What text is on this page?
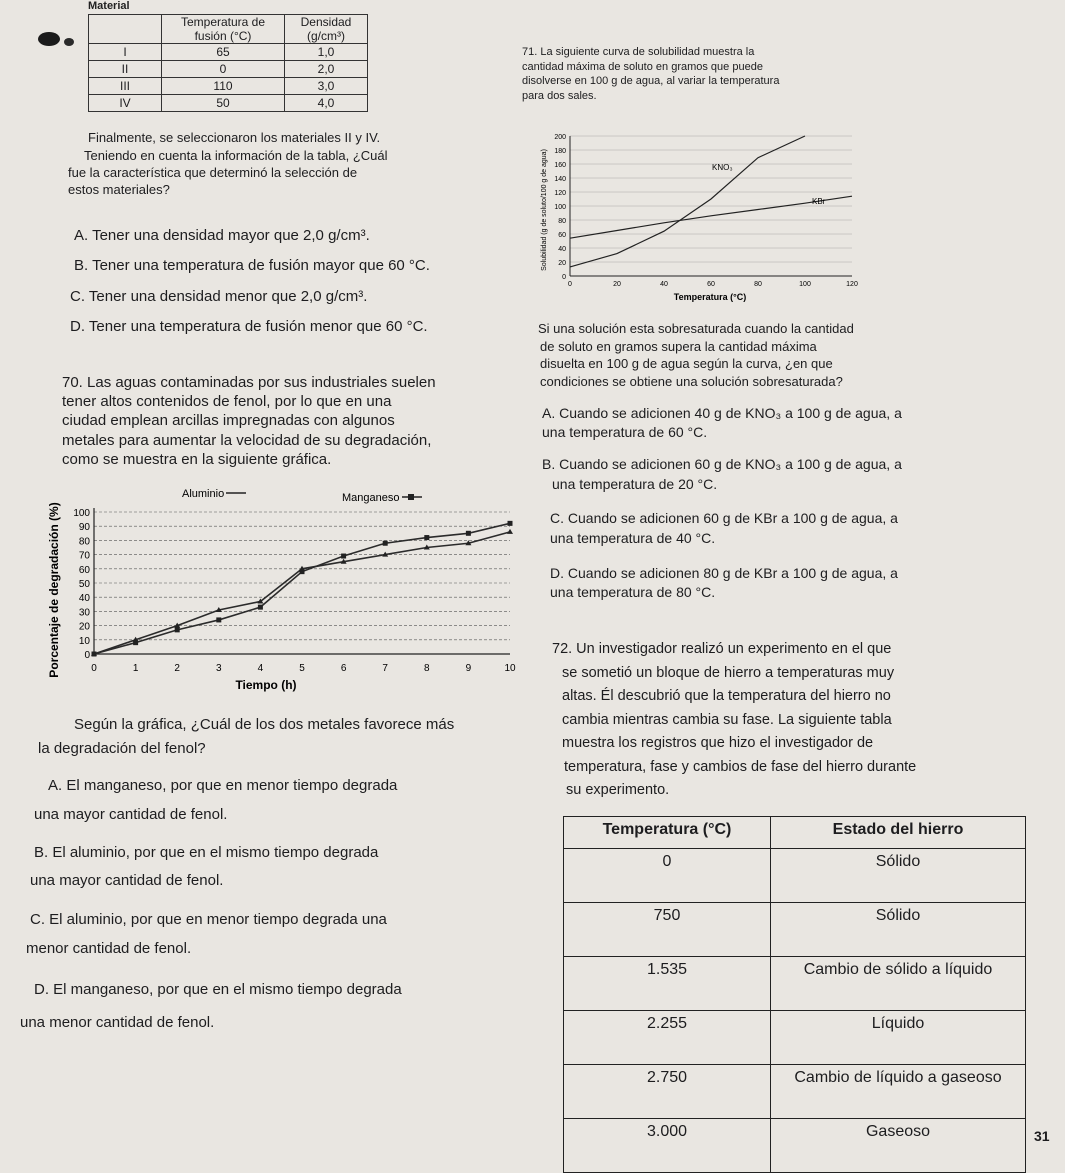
Material
	Temperatura de fusión (°C)	Densidad (g/cm³)
I	65	1,0
II	0	2,0
III	110	3,0
IV	50	4,0
Finalmente, se seleccionaron los materiales II y IV.
Teniendo en cuenta la información de la tabla, ¿Cuál
fue la característica que determinó la selección de
estos materiales?
A. Tener una densidad mayor que 2,0 g/cm³.
B. Tener una temperatura de fusión mayor que 60 °C.
C. Tener una densidad menor que 2,0 g/cm³.
D. Tener una temperatura de fusión menor que 60 °C.
70. Las aguas contaminadas por sus industriales suelen
tener altos contenidos de fenol, por lo que en una
ciudad emplean arcillas impregnadas con algunos
metales para aumentar la velocidad de su degradación,
como se muestra en la siguiente gráfica.
0
10
20
30
40
50
60
70
80
90
100
0	1	2	3	4	5	6	7	8	9	10
Aluminio	Manganeso
Tiempo (h)
Porcentaje de degradación (%)
Según la gráfica, ¿Cuál de los dos metales favorece más
la degradación del fenol?
A. El manganeso, por que en menor tiempo degrada
una mayor cantidad de fenol.
B. El aluminio, por que en el mismo tiempo degrada
una mayor cantidad de fenol.
C. El aluminio, por que en menor tiempo degrada una
menor cantidad de fenol.
D. El manganeso, por que en el mismo tiempo degrada
una menor cantidad de fenol.
71. La siguiente curva de solubilidad muestra la
cantidad máxima de soluto en gramos que puede
disolverse en 100 g de agua, al variar la temperatura
para dos sales.
0
20
40
60
80
100
120
140
160
180
200
0	20	40	60	80	100	120
KNO₃
KBr
Temperatura (°C)
Solubilidad (g de soluto/100 g de agua)
Si una solución esta sobresaturada cuando la cantidad
de soluto en gramos supera la cantidad máxima
disuelta en 100 g de agua según la curva, ¿en que
condiciones se obtiene una solución sobresaturada?
A. Cuando se adicionen 40 g de KNO₃ a 100 g de agua, a
una temperatura de 60 °C.
B. Cuando se adicionen 60 g de KNO₃ a 100 g de agua, a
una temperatura de 20 °C.
C. Cuando se adicionen 60 g de KBr a 100 g de agua, a
una temperatura de 40 °C.
D. Cuando se adicionen 80 g de KBr a 100 g de agua, a
una temperatura de 80 °C.
72. Un investigador realizó un experimento en el que
se sometió un bloque de hierro a temperaturas muy
altas. Él descubrió que la temperatura del hierro no
cambia mientras cambia su fase. La siguiente tabla
muestra los registros que hizo el investigador de
temperatura, fase y cambios de fase del hierro durante
su experimento.
Temperatura (°C)	Estado del hierro
0	Sólido
750	Sólido
1.535	Cambio de sólido a líquido
2.255	Líquido
2.750	Cambio de líquido a gaseoso
3.000	Gaseoso	31
